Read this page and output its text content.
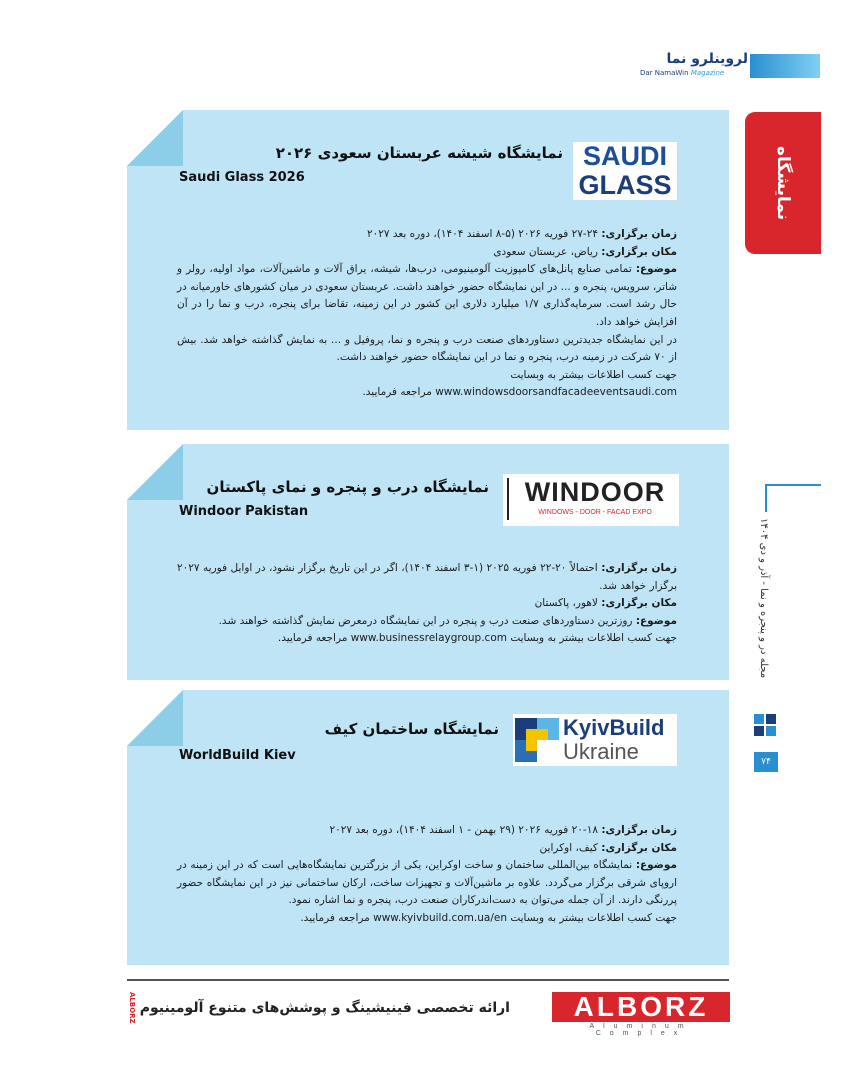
لروینلرو نما
Dar NamaWin Magazine
نمایشگاه
SAUDI
GLASS
نمایشگاه شیشه عربستان سعودی ۲۰۲۶
Saudi Glass 2026

زمان برگزاری: ۲۴-۲۷ فوریه ۲۰۲۶ (۵-۸ اسفند ۱۴۰۴)، دوره بعد ۲۰۲۷

مکان برگزاری: ریاض، عربستان سعودی

موضوع: تمامی صنایع پانل‌های کامپوزیت آلومینیومی، درب‌ها، شیشه، یراق آلات و ماشین‌آلات، مواد اولیه، رولر و شاتر، سرویس، پنجره و ... در این نمایشگاه حضور خواهند داشت. عربستان سعودی در میان کشورهای خاورمیانه در حال رشد است. سرمایه‌گذاری ۱/۷ میلیارد دلاری این کشور در این زمینه، تقاضا برای پنجره، درب و نما را در آن افزایش خواهد داد.

در این نمایشگاه جدیدترین دستاوردهای صنعت درب و پنجره و نما، پروفیل و ... به نمایش گذاشته خواهد شد. بیش از ۷۰ شرکت در زمینه درب، پنجره و نما در این نمایشگاه حضور خواهند داشت.

جهت کسب اطلاعات بیشتر به وبسایت

www.windowsdoorsandfacadeeventsaudi.com مراجعه فرمایید.

WINDOOR
WINDOWS - DOOR - FACAD EXPO
نمایشگاه درب و پنجره و نمای پاکستان
Windoor Pakistan

زمان برگزاری: احتمالاً ۲۰-۲۲ فوریه ۲۰۲۵ (۱-۳ اسفند ۱۴۰۴)، اگر در این تاریخ برگزار نشود، در اوایل فوریه ۲۰۲۷ برگزار خواهد شد.

مکان برگزاری: لاهور، پاکستان

موضوع: روزترین دستاوردهای صنعت درب و پنجره در این نمایشگاه درمعرض نمایش گذاشته خواهند شد.

جهت کسب اطلاعات بیشتر به وبسایت www.businessrelaygroup.com مراجعه فرمایید.

KyivBuild
Ukraine
نمایشگاه ساختمان کیف
WorldBuild Kiev

زمان برگزاری: ۱۸-۲۰ فوریه ۲۰۲۶ (۲۹ بهمن - ۱ اسفند ۱۴۰۴)، دوره بعد ۲۰۲۷

مکان برگزاری: کیف، اوکراین

موضوع: نمایشگاه بین‌المللی ساختمان و ساخت اوکراین، یکی از بزرگترین نمایشگاه‌هایی است که در این زمینه در اروپای شرقی برگزار می‌گردد. علاوه بر ماشین‌آلات و تجهیزات ساخت، ارکان ساختمانی نیز در این نمایشگاه حضور پررنگی دارند. از آن جمله می‌توان به دست‌اندرکاران صنعت درب، پنجره و نما اشاره نمود.

جهت کسب اطلاعات بیشتر به وبسایت www.kyivbuild.com.ua/en مراجعه فرمایید.

مجله در و پنجره و نما - آذر و دی ۱۴۰۴
۷۴
ALBORZ ارائه تخصصی فینیشینگ و پوشش‌های متنوع آلومینیوم	ALBORZ
Aluminum Complex
